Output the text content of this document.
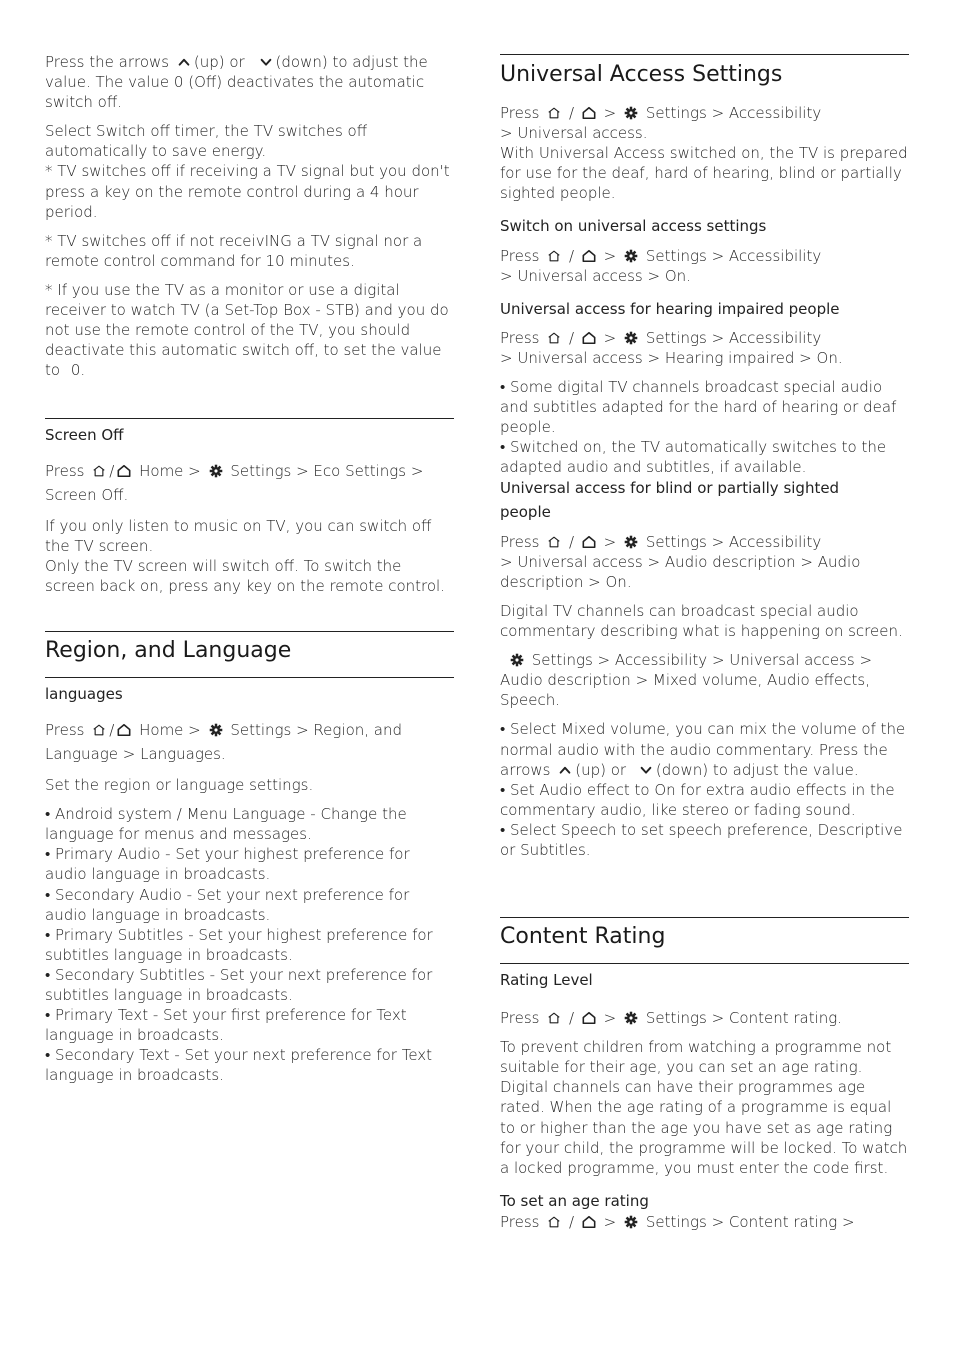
Press the arrows (up) or (down) to adjust the value. The value 0 (Off) deactivates the automatic switch off.

Select Switch off timer, the TV switches off automatically to save energy.

* TV switches off if receiving a TV signal but you don't press a key on the remote control during a 4 hour period.

* TV switches off if not receivING a TV signal nor a remote control command for 10 minutes.

* If you use the TV as a monitor or use a digital receiver to watch TV (a Set-Top Box - STB) and you do not use the remote control of the TV, you should deactivate this automatic switch off, to set the value to 0.

Screen Off

Press / Home > Settings > Eco Settings >
Screen Off.

If you only listen to music on TV, you can switch off the TV screen.

Only the TV screen will switch off. To switch the screen back on, press any key on the remote control.

Region, and Language

languages

Press / Home > Settings > Region, and
Language > Languages.

Set the region or language settings.

• Android system / Menu Language - Change the language for menus and messages.

• Primary Audio - Set your highest preference for audio language in broadcasts.

• Secondary Audio - Set your next preference for audio language in broadcasts.

• Primary Subtitles - Set your highest preference for subtitles language in broadcasts.

• Secondary Subtitles - Set your next preference for subtitles language in broadcasts.

• Primary Text - Set your first preference for Text language in broadcasts.

• Secondary Text - Set your next preference for Text language in broadcasts.

Universal Access Settings

Press / > Settings > Accessibility
> Universal access.

With Universal Access switched on, the TV is prepared for use for the deaf, hard of hearing, blind or partially sighted people.

Switch on universal access settings

Press / > Settings > Accessibility
> Universal access > On.

Universal access for hearing impaired people

Press / > Settings > Accessibility
> Universal access > Hearing impaired > On.

• Some digital TV channels broadcast special audio and subtitles adapted for the hard of hearing or deaf people.

• Switched on, the TV automatically switches to the adapted audio and subtitles, if available.

Universal access for blind or partially sighted

people

Press / > Settings > Accessibility
> Universal access > Audio description > Audio description > On.

Digital TV channels can broadcast special audio commentary describing what is happening on screen.

Settings > Accessibility > Universal access > Audio description > Mixed volume, Audio effects, Speech.

• Select Mixed volume, you can mix the volume of the normal audio with the audio commentary. Press the arrows (up) or (down) to adjust the value.

• Set Audio effect to On for extra audio effects in the commentary audio, like stereo or fading sound.

• Select Speech to set speech preference, Descriptive or Subtitles.

Content Rating

Rating Level

Press / > Settings > Content rating.

To prevent children from watching a programme not suitable for their age, you can set an age rating. Digital channels can have their programmes age rated. When the age rating of a programme is equal to or higher than the age you have set as age rating for your child, the programme will be locked. To watch a locked programme, you must enter the code first.

To set an age rating

Press / > Settings > Content rating >
